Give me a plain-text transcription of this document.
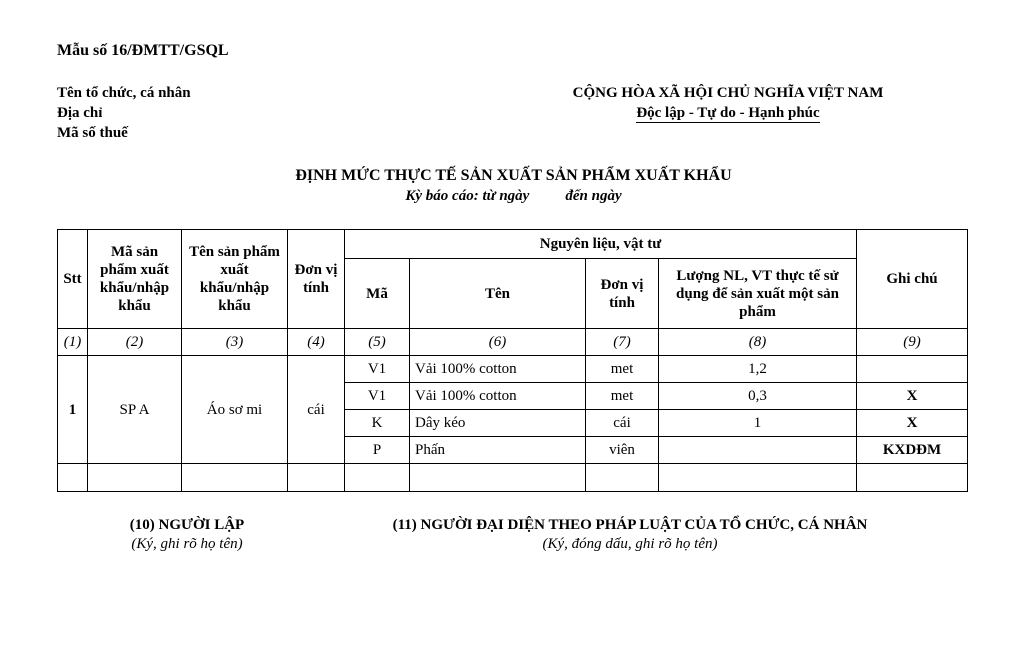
Mẫu số 16/ĐMTT/GSQL
Tên tổ chức, cá nhân
Địa chỉ
Mã số thuế
CỘNG HÒA XÃ HỘI CHỦ NGHĨA VIỆT NAM
Độc lập - Tự do - Hạnh phúc
ĐỊNH MỨC THỰC TẾ SẢN XUẤT SẢN PHẨM XUẤT KHẨU
Kỳ báo cáo: từ ngày đến ngày
Stt	Mã sản phẩm xuất khẩu/nhập khẩu	Tên sản phẩm xuất khẩu/nhập khẩu	Đơn vị tính	Nguyên liệu, vật tư				Ghi chú
				Mã	Tên	Đơn vị tính	Lượng NL, VT thực tế sử dụng để sản xuất một sản phẩm	
(1)	(2)	(3)	(4)	(5)	(6)	(7)	(8)	(9)
1	SP A	Áo sơ mi	cái	V1	Vải 100% cotton	met	1,2	
				V1	Vải 100% cotton	met	0,3	X
				K	Dây kéo	cái	1	X
				P	Phấn	viên		KXDĐM

(10) NGƯỜI LẬP
(Ký, ghi rõ họ tên)
(11) NGƯỜI ĐẠI DIỆN THEO PHÁP LUẬT CỦA TỔ CHỨC, CÁ NHÂN
(Ký, đóng dấu, ghi rõ họ tên)
